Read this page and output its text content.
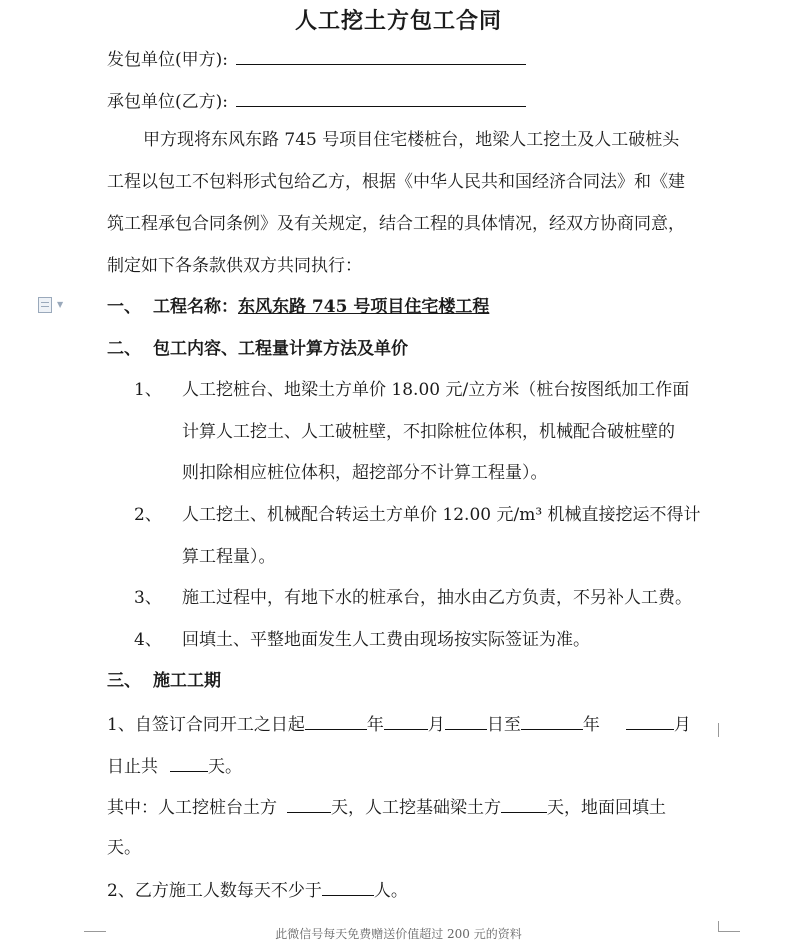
人工挖土方包工合同
发包单位(甲方):
承包单位(乙方):
甲方现将东风东路 745 号项目住宅楼桩台，地梁人工挖土及人工破桩头
工程以包工不包料形式包给乙方，根据《中华人民共和国经济合同法》和《建
筑工程承包合同条例》及有关规定，结合工程的具体情况，经双方协商同意，
制定如下各条款供双方共同执行：
▼	一、 工程名称：东风东路 745 号项目住宅楼工程
二、 包工内容、工程量计算方法及单价
1、 人工挖桩台、地梁土方单价 18.00 元/立方米（桩台按图纸加工作面
计算人工挖土、人工破桩壁，不扣除桩位体积，机械配合破桩壁的
则扣除相应桩位体积，超挖部分不计算工程量）。
2、 人工挖土、机械配合转运土方单价 12.00 元/m³ 机械直接挖运不得计
算工程量）。
3、 施工过程中，有地下水的桩承台，抽水由乙方负责，不另补人工费。
4、 回填土、平整地面发生人工费由现场按实际签证为准。
三、 施工工期
1、自签订合同开工之日起	年	月 日至	年	月
日止共	天。
其中：人工挖桩台土方	天，人工挖基础梁土方	天，地面回填土
天。
2、乙方施工人数每天不少于	人。
此微信号每天免费赠送价值超过 200 元的资料
